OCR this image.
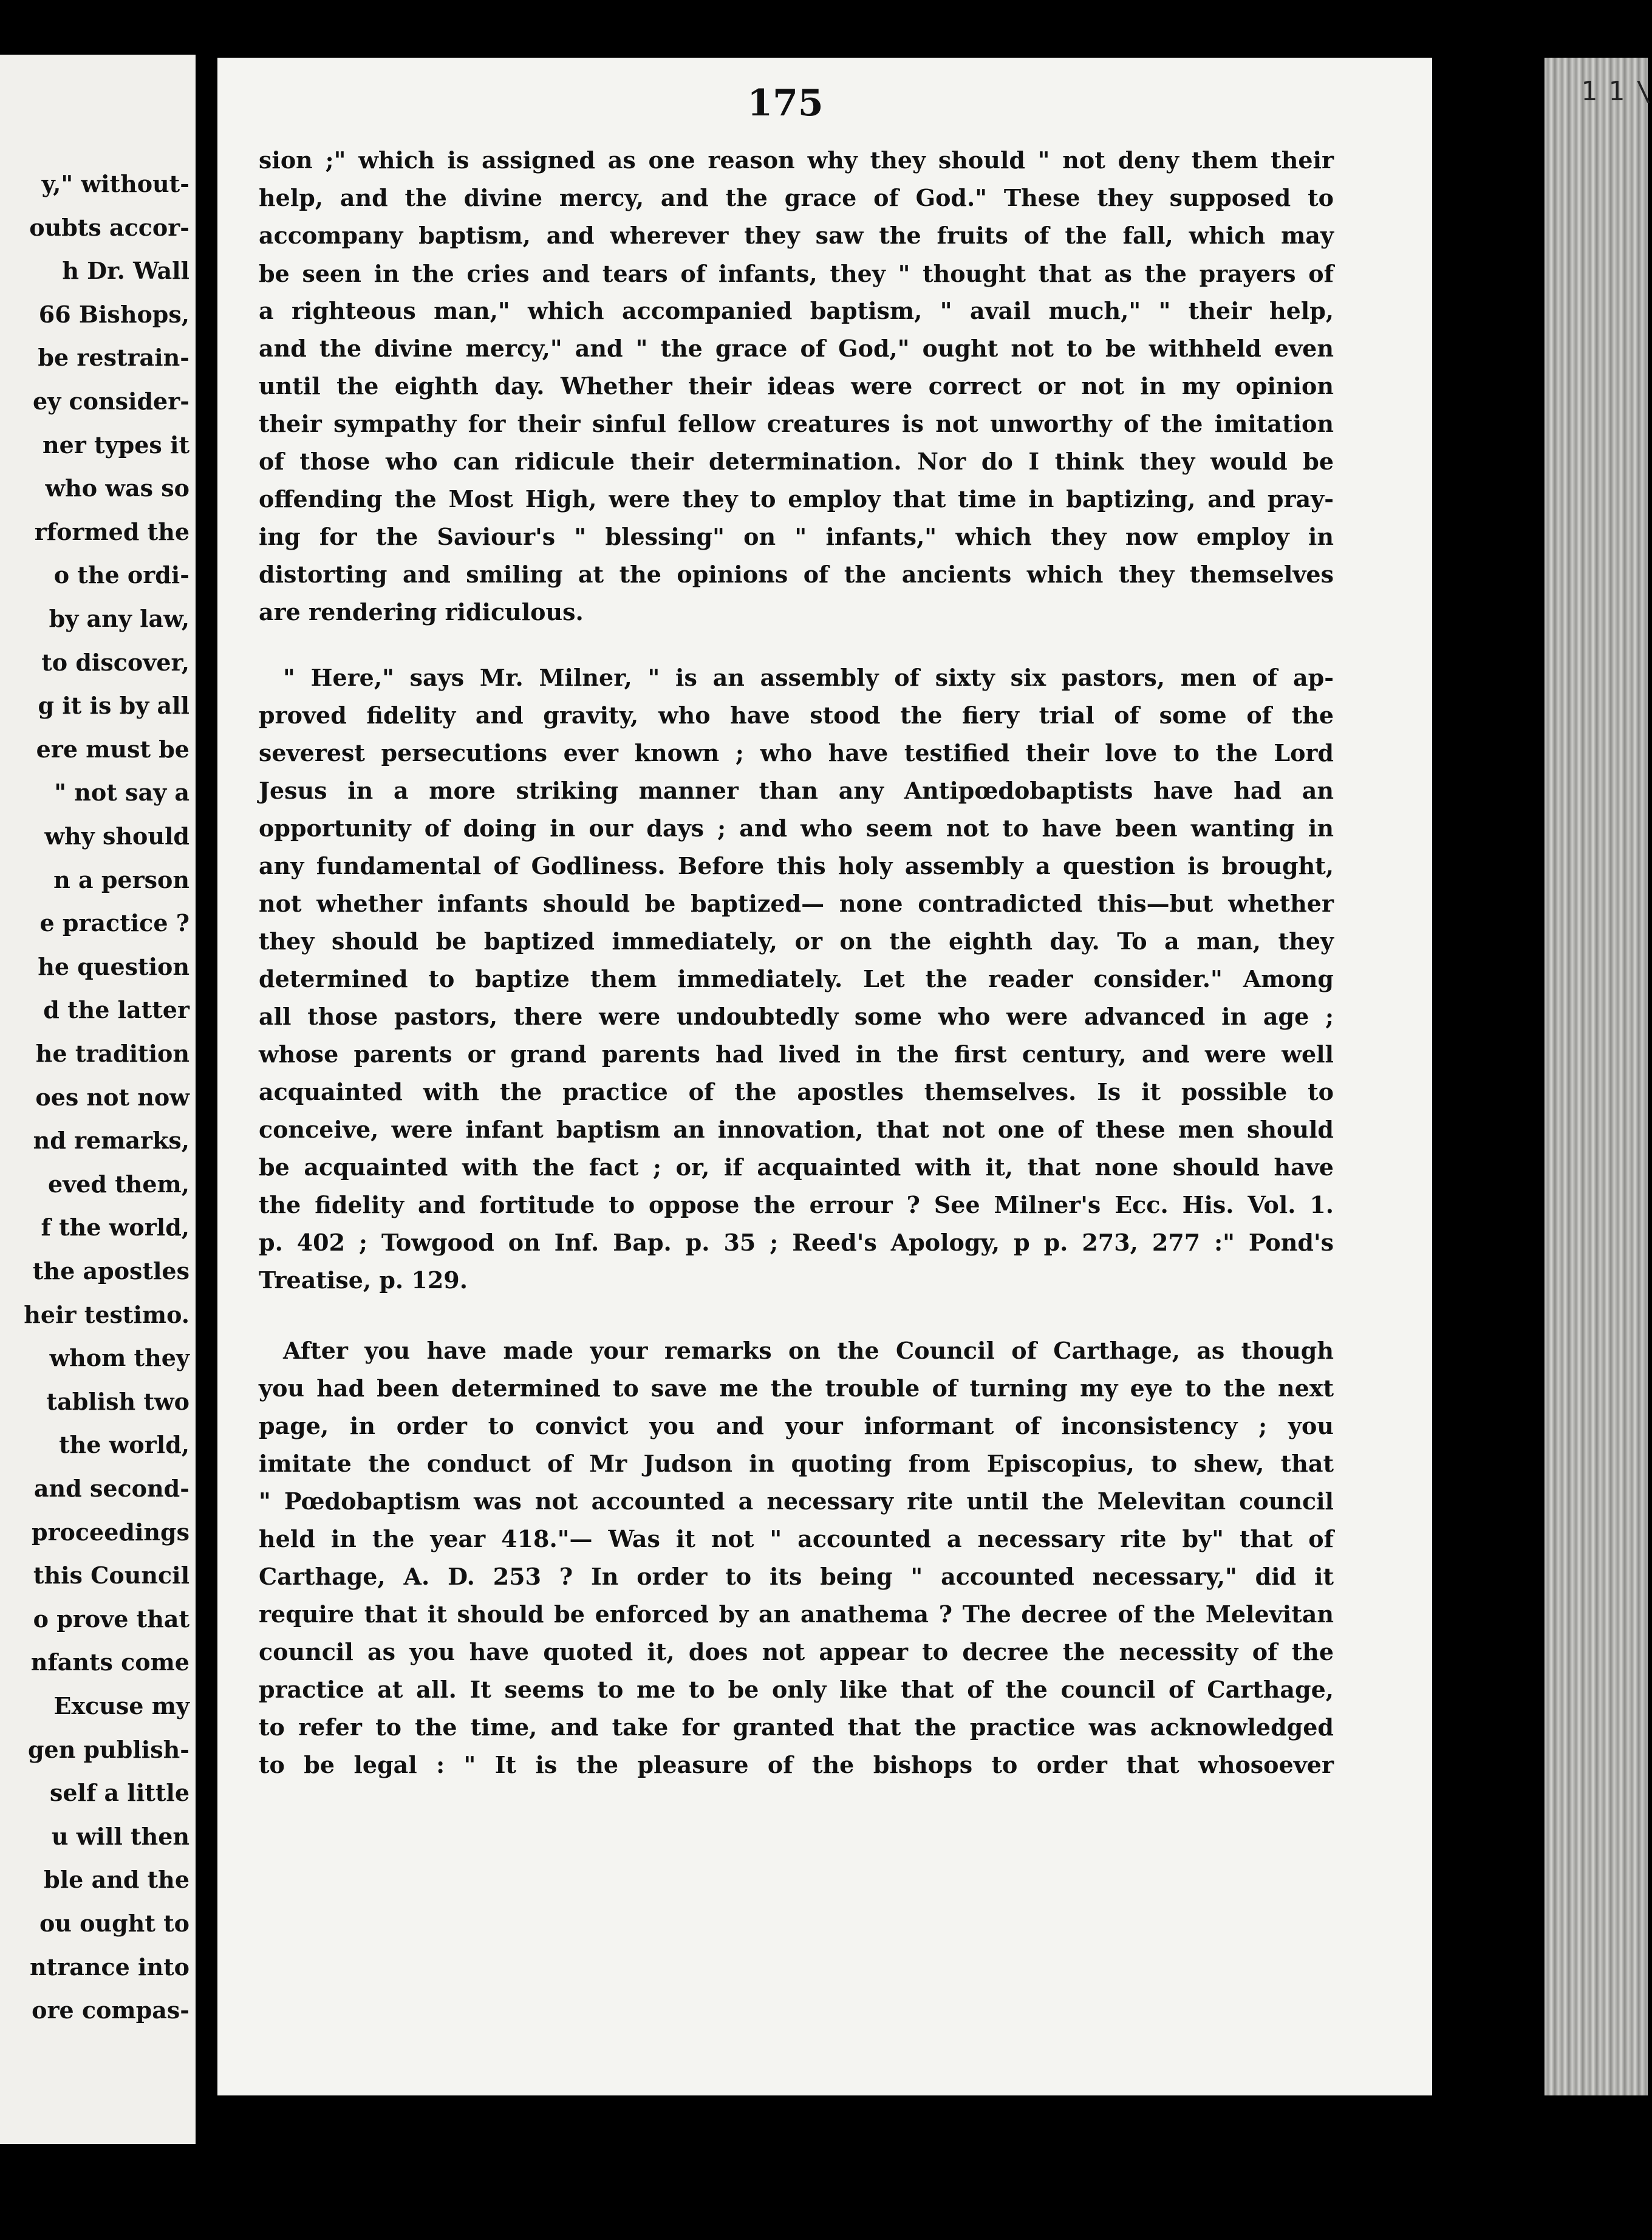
y," without-
oubts accor-
h Dr. Wall
66 Bishops,
be restrain-
ey consider-
ner types it
who was so
rformed the
o the ordi-
by any law,
to discover,
g it is by all
ere must be
" not say a
why should
n a person
e practice ?
he question
d the latter
he tradition
oes not now
nd remarks,
eved them,
f the world,
the apostles
heir testimo.
whom they
tablish two
the world,
and second-
proceedings
this Council
o prove that
nfants come
Excuse my
gen publish-
self a little
u will then
ble and the
ou ought to
ntrance into
ore compas-
175	1 1 \
sion ;" which is assigned as one reason why they should " not deny them their
help, and the divine mercy, and the grace of God." These they supposed to
accompany baptism, and wherever they saw the fruits of the fall, which may
be seen in the cries and tears of infants, they " thought that as the prayers of
a righteous man," which accompanied baptism, " avail much," " their help,
and the divine mercy," and " the grace of God," ought not to be withheld even
until the eighth day. Whether their ideas were correct or not in my opinion
their sympathy for their sinful fellow creatures is not unworthy of the imitation
of those who can ridicule their determination. Nor do I think they would be
offending the Most High, were they to employ that time in baptizing, and pray-
ing for the Saviour's " blessing" on " infants," which they now employ in
distorting and smiling at the opinions of the ancients which they themselves
are rendering ridiculous.
" Here," says Mr. Milner, " is an assembly of sixty six pastors, men of ap-
proved fidelity and gravity, who have stood the fiery trial of some of the
severest persecutions ever known ; who have testified their love to the Lord
Jesus in a more striking manner than any Antipœdobaptists have had an
opportunity of doing in our days ; and who seem not to have been wanting in
any fundamental of Godliness. Before this holy assembly a question is brought,
not whether infants should be baptized— none contradicted this—but whether
they should be baptized immediately, or on the eighth day. To a man, they
determined to baptize them immediately. Let the reader consider." Among
all those pastors, there were undoubtedly some who were advanced in age ;
whose parents or grand parents had lived in the first century, and were well
acquainted with the practice of the apostles themselves. Is it possible to
conceive, were infant baptism an innovation, that not one of these men should
be acquainted with the fact ; or, if acquainted with it, that none should have
the fidelity and fortitude to oppose the errour ? See Milner's Ecc. His. Vol. 1.
p. 402 ; Towgood on Inf. Bap. p. 35 ; Reed's Apology, p p. 273, 277 :" Pond's
Treatise, p. 129.
After you have made your remarks on the Council of Carthage, as though
you had been determined to save me the trouble of turning my eye to the next
page, in order to convict you and your informant of inconsistency ; you
imitate the conduct of Mr Judson in quoting from Episcopius, to shew, that
" Pœdobaptism was not accounted a necessary rite until the Melevitan council
held in the year 418."— Was it not " accounted a necessary rite by" that of
Carthage, A. D. 253 ? In order to its being " accounted necessary," did it
require that it should be enforced by an anathema ? The decree of the Melevitan
council as you have quoted it, does not appear to decree the necessity of the
practice at all. It seems to me to be only like that of the council of Carthage,
to refer to the time, and take for granted that the practice was acknowledged
to be legal : " It is the pleasure of the bishops to order that whosoever
